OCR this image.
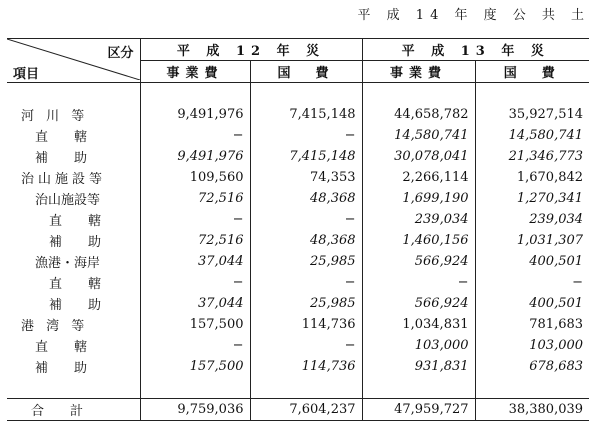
平 成 14 年 度 公 共 土
区分
項目	平 成 12 年 災		平 成 13 年 災	
	事業費	国　費	事業費	国　費

河 川 等	9,491,976	7,415,148	44,658,782	35,927,514
直　　轄	−	−	14,580,741	14,580,741
補　　助	9,491,976	7,415,148	30,078,041	21,346,773
治山施設等	109,560	74,353	2,266,114	1,670,842
治山施設等	72,516	48,368	1,699,190	1,270,341
直　　轄	−	−	239,034	239,034
補　　助	72,516	48,368	1,460,156	1,031,307
漁港・海岸	37,044	25,985	566,924	400,501
直　　轄	−	−	−	−
補　　助	37,044	25,985	566,924	400,501
港 湾 等	157,500	114,736	1,034,831	781,683
直　　轄	−	−	103,000	103,000
補　　助	157,500	114,736	931,831	678,683

合　　計	9,759,036	7,604,237	47,959,727	38,380,039
